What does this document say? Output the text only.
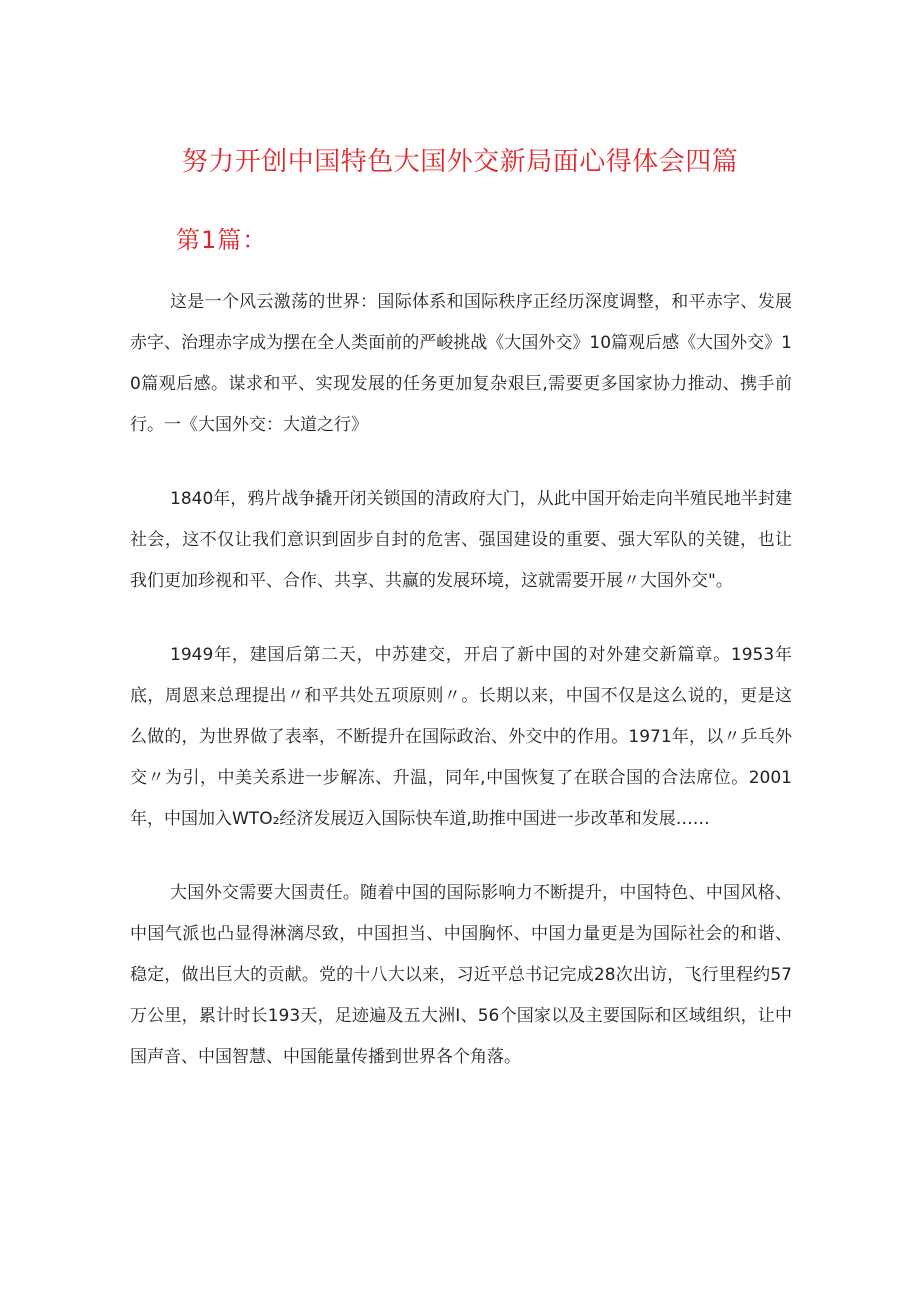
努力开创中国特色大国外交新局面心得体会四篇
第1篇：

这是一个风云激荡的世界：国际体系和国际秩序正经历深度调整，和平赤字、发展赤字、治理赤字成为摆在全人类面前的严峻挑战《大国外交》10篇观后感《大国外交》10篇观后感。谋求和平、实现发展的任务更加复杂艰巨,需要更多国家协力推动、携手前行。一《大国外交：大道之行》

1840年，鸦片战争撬开闭关锁国的清政府大门，从此中国开始走向半殖民地半封建社会，这不仅让我们意识到固步自封的危害、强国建设的重要、强大军队的关键，也让我们更加珍视和平、合作、共享、共赢的发展环境，这就需要开展〃大国外交"。

1949年，建国后第二天，中苏建交，开启了新中国的对外建交新篇章。1953年底，周恩来总理提出〃和平共处五项原则〃。长期以来，中国不仅是这么说的，更是这么做的，为世界做了表率，不断提升在国际政治、外交中的作用。1971年，以〃乒乓外交〃为引，中美关系进一步解冻、升温，同年,中国恢复了在联合国的合法席位。2001年，中国加入WTO₂经济发展迈入国际快车道,助推中国进一步改革和发展……

大国外交需要大国责任。随着中国的国际影响力不断提升，中国特色、中国风格、中国气派也凸显得淋漓尽致，中国担当、中国胸怀、中国力量更是为国际社会的和谐、稳定，做出巨大的贡献。党的十八大以来，习近平总书记完成28次出访，飞行里程约57万公里，累计时长193天，足迹遍及五大洲Ⅰ、56个国家以及主要国际和区域组织，让中国声音、中国智慧、中国能量传播到世界各个角落。
